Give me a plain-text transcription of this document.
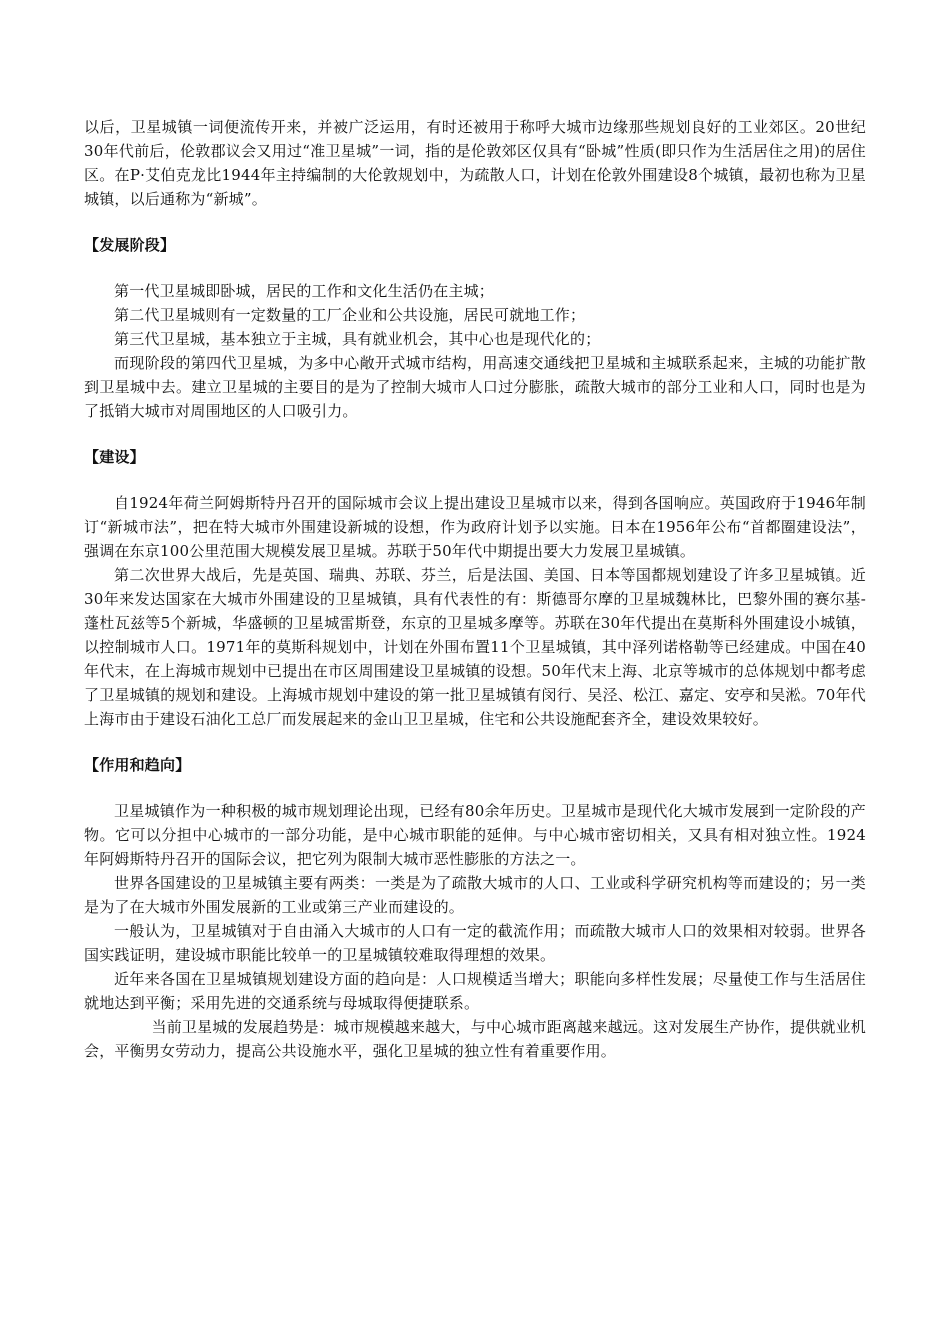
以后，卫星城镇一词便流传开来，并被广泛运用，有时还被用于称呼大城市边缘那些规划良好的工业郊区。20世纪30年代前后，伦敦郡议会又用过“准卫星城”一词，指的是伦敦郊区仅具有“卧城”性质(即只作为生活居住之用)的居住区。在P·艾伯克龙比1944年主持编制的大伦敦规划中，为疏散人口，计划在伦敦外围建设8个城镇，最初也称为卫星城镇，以后通称为“新城”。

【发展阶段】

第一代卫星城即卧城，居民的工作和文化生活仍在主城；

第二代卫星城则有一定数量的工厂企业和公共设施，居民可就地工作；

第三代卫星城，基本独立于主城，具有就业机会，其中心也是现代化的；

而现阶段的第四代卫星城，为多中心敞开式城市结构，用高速交通线把卫星城和主城联系起来，主城的功能扩散到卫星城中去。建立卫星城的主要目的是为了控制大城市人口过分膨胀，疏散大城市的部分工业和人口，同时也是为了抵销大城市对周围地区的人口吸引力。

【建设】

自1924年荷兰阿姆斯特丹召开的国际城市会议上提出建设卫星城市以来，得到各国响应。英国政府于1946年制订“新城市法”，把在特大城市外围建设新城的设想，作为政府计划予以实施。日本在1956年公布“首都圈建设法”，强调在东京100公里范围大规模发展卫星城。苏联于50年代中期提出要大力发展卫星城镇。

第二次世界大战后，先是英国、瑞典、苏联、芬兰，后是法国、美国、日本等国都规划建设了许多卫星城镇。近30年来发达国家在大城市外围建设的卫星城镇，具有代表性的有：斯德哥尔摩的卫星城魏林比，巴黎外围的赛尔基-蓬杜瓦兹等5个新城，华盛顿的卫星城雷斯登，东京的卫星城多摩等。苏联在30年代提出在莫斯科外围建设小城镇，以控制城市人口。1971年的莫斯科规划中，计划在外围布置11个卫星城镇，其中泽列诺格勒等已经建成。中国在40年代末，在上海城市规划中已提出在市区周围建设卫星城镇的设想。50年代末上海、北京等城市的总体规划中都考虑了卫星城镇的规划和建设。上海城市规划中建设的第一批卫星城镇有闵行、吴泾、松江、嘉定、安亭和吴淞。70年代上海市由于建设石油化工总厂而发展起来的金山卫卫星城，住宅和公共设施配套齐全，建设效果较好。

【作用和趋向】

卫星城镇作为一种积极的城市规划理论出现，已经有80余年历史。卫星城市是现代化大城市发展到一定阶段的产物。它可以分担中心城市的一部分功能，是中心城市职能的延伸。与中心城市密切相关，又具有相对独立性。1924年阿姆斯特丹召开的国际会议，把它列为限制大城市恶性膨胀的方法之一。

世界各国建设的卫星城镇主要有两类：一类是为了疏散大城市的人口、工业或科学研究机构等而建设的；另一类是为了在大城市外围发展新的工业或第三产业而建设的。

一般认为，卫星城镇对于自由涌入大城市的人口有一定的截流作用；而疏散大城市人口的效果相对较弱。世界各国实践证明，建设城市职能比较单一的卫星城镇较难取得理想的效果。

近年来各国在卫星城镇规划建设方面的趋向是：人口规模适当增大；职能向多样性发展；尽量使工作与生活居住就地达到平衡；采用先进的交通系统与母城取得便捷联系。

当前卫星城的发展趋势是：城市规模越来越大，与中心城市距离越来越远。这对发展生产协作，提供就业机会，平衡男女劳动力，提高公共设施水平，强化卫星城的独立性有着重要作用。
